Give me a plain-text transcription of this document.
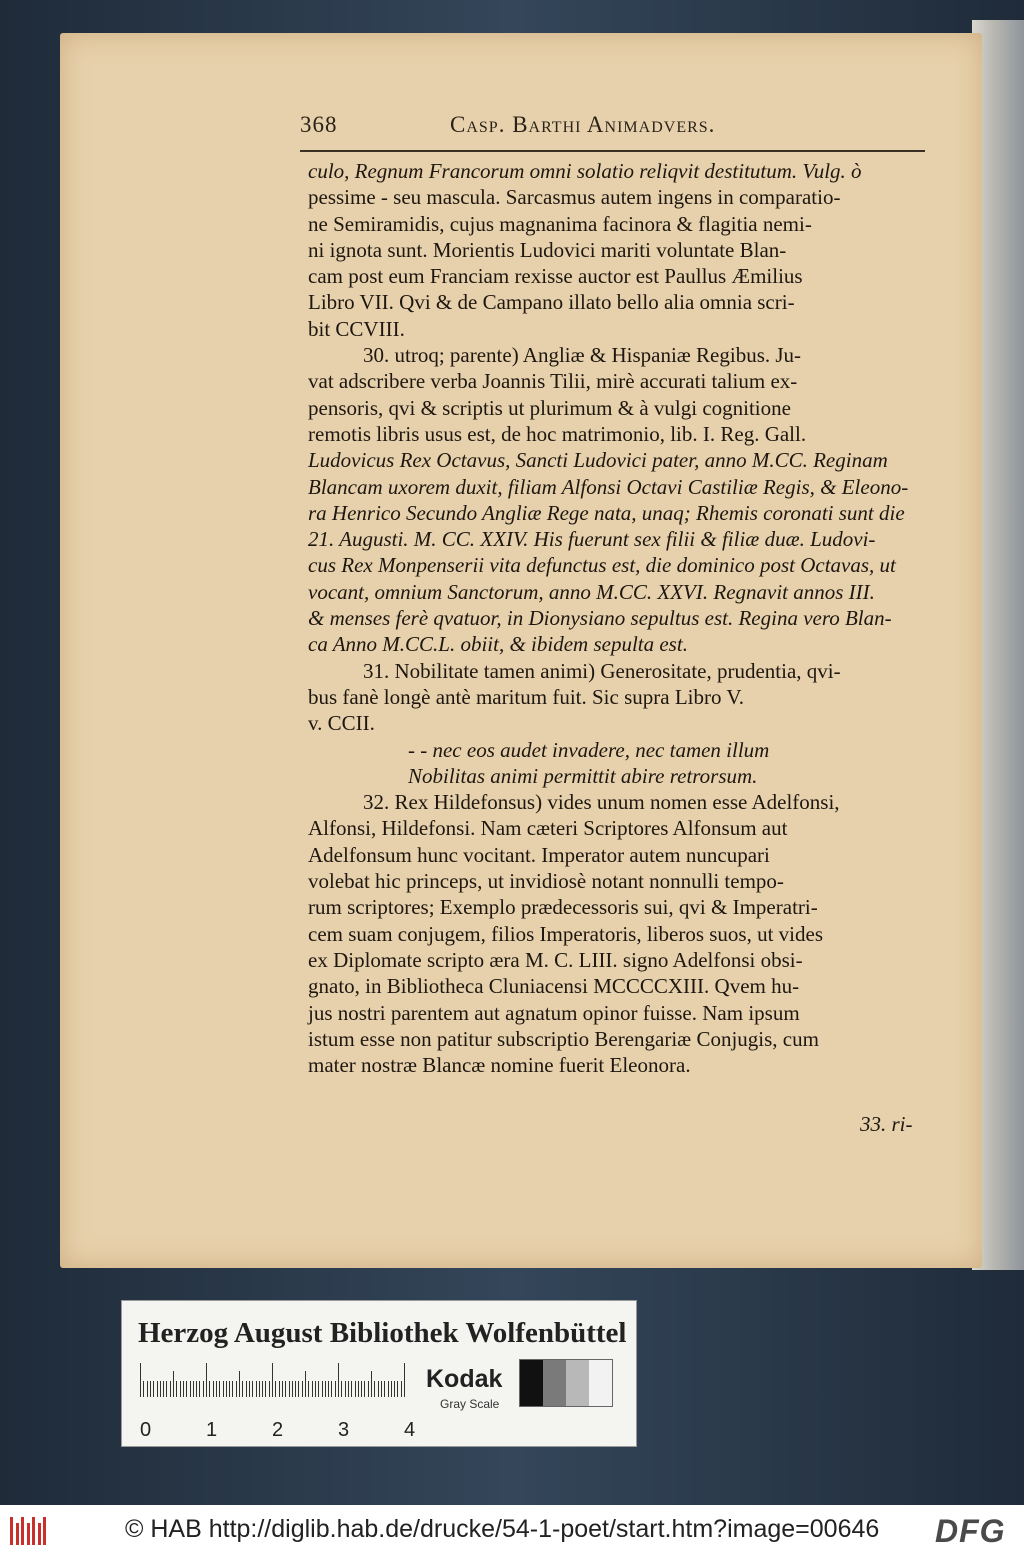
368	Casp. Barthi Animadvers.
culo, Regnum Francorum omni solatio reliqvit destitutum. Vulg. ò
pessime - seu mascula. Sarcasmus autem ingens in comparatio-
ne Semiramidis, cujus magnanima facinora & flagitia nemi-
ni ignota sunt. Morientis Ludovici mariti voluntate Blan-
cam post eum Franciam rexisse auctor est Paullus Æmilius
Libro VII. Qvi & de Campano illato bello alia omnia scri-
bit CCVIII.
30. utroq; parente) Angliæ & Hispaniæ Regibus. Ju-
vat adscribere verba Joannis Tilii, mirè accurati talium ex-
pensoris, qvi & scriptis ut plurimum & à vulgi cognitione
remotis libris usus est, de hoc matrimonio, lib. I. Reg. Gall.
Ludovicus Rex Octavus, Sancti Ludovici pater, anno M.CC. Reginam
Blancam uxorem duxit, filiam Alfonsi Octavi Castiliæ Regis, & Eleono-
ra Henrico Secundo Angliæ Rege nata, unaq; Rhemis coronati sunt die
21. Augusti. M. CC. XXIV. His fuerunt sex filii & filiæ duæ. Ludovi-
cus Rex Monpenserii vita defunctus est, die dominico post Octavas, ut
vocant, omnium Sanctorum, anno M.CC. XXVI. Regnavit annos III.
& menses ferè qvatuor, in Dionysiano sepultus est. Regina vero Blan-
ca Anno M.CC.L. obiit, & ibidem sepulta est.
31. Nobilitate tamen animi) Generositate, prudentia, qvi-
bus fanè longè antè maritum fuit. Sic supra Libro V.
v. CCII.
- - nec eos audet invadere, nec tamen illum
Nobilitas animi permittit abire retrorsum.
32. Rex Hildefonsus) vides unum nomen esse Adelfonsi,
Alfonsi, Hildefonsi. Nam cæteri Scriptores Alfonsum aut
Adelfonsum hunc vocitant. Imperator autem nuncupari
volebat hic princeps, ut invidiosè notant nonnulli tempo-
rum scriptores; Exemplo prædecessoris sui, qvi & Imperatri-
cem suam conjugem, filios Imperatoris, liberos suos, ut vides
ex Diplomate scripto æra M. C. LIII. signo Adelfonsi obsi-
gnato, in Bibliotheca Cluniacensi MCCCCXIII. Qvem hu-
jus nostri parentem aut agnatum opinor fuisse. Nam ipsum
istum esse non patitur subscriptio Berengariæ Conjugis, cum
mater nostræ Blancæ nomine fuerit Eleonora.
33. ri-
Herzog August Bibliothek Wolfenbüttel
0	1	2	3	4
Kodak
Gray Scale
© HAB http://diglib.hab.de/drucke/54-1-poet/start.htm?image=00646 DFG
